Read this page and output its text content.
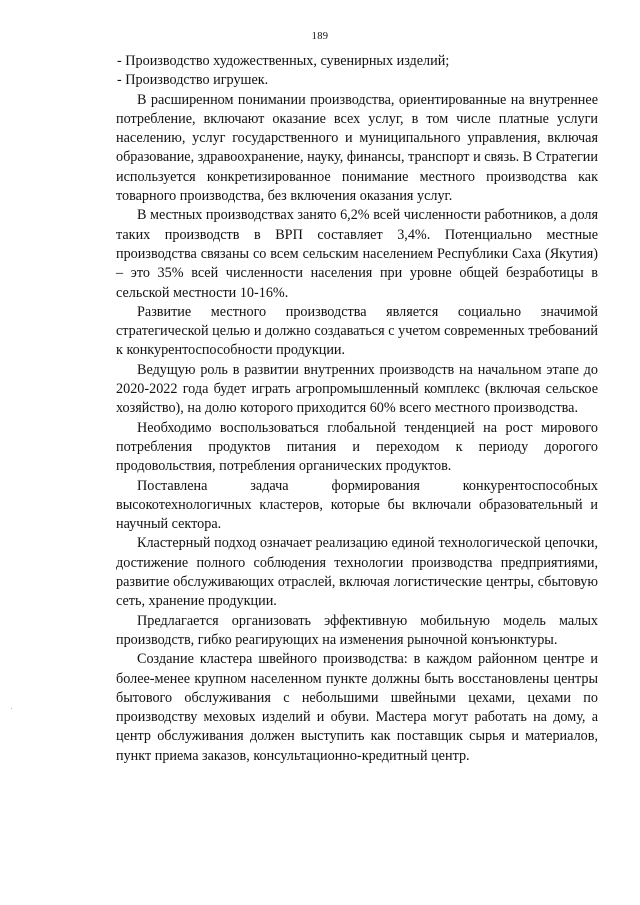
189

- Производство художественных, сувенирных изделий;

- Производство игрушек.

В расширенном понимании производства, ориентированные на внутреннее потребление, включают оказание всех услуг, в том числе платные услуги населению, услуг государственного и муниципального управления, включая образование, здравоохранение, науку, финансы, транспорт и связь. В Стратегии используется конкретизированное понимание местного производства как товарного производства, без включения оказания услуг.

В местных производствах занято 6,2% всей численности работников, а доля таких производств в ВРП составляет 3,4%. Потенциально местные производства связаны со всем сельским населением Республики Саха (Якутия) – это 35% всей численности населения при уровне общей безработицы в сельской местности 10-16%.

Развитие местного производства является социально значимой стратегической целью и должно создаваться с учетом современных требований к конкурентоспособности продукции.

Ведущую роль в развитии внутренних производств на начальном этапе до 2020-2022 года будет играть агропромышленный комплекс (включая сельское хозяйство), на долю которого приходится 60% всего местного производства.

Необходимо воспользоваться глобальной тенденцией на рост мирового потребления продуктов питания и переходом к периоду дорогого продовольствия, потребления органических продуктов.

Поставлена задача формирования конкурентоспособных высокотехнологичных кластеров, которые бы включали образовательный и научный сектора.

Кластерный подход означает реализацию единой технологической цепочки, достижение полного соблюдения технологии производства предприятиями, развитие обслуживающих отраслей, включая логистические центры, сбытовую сеть, хранение продукции.

Предлагается организовать эффективную мобильную модель малых производств, гибко реагирующих на изменения рыночной конъюнктуры.

Создание кластера швейного производства: в каждом районном центре и более-менее крупном населенном пункте должны быть восстановлены центры бытового обслуживания с небольшими швейными цехами, цехами по производству меховых изделий и обуви. Мастера могут работать на дому, а центр обслуживания должен выступить как поставщик сырья и материалов, пункт приема заказов, консультационно-кредитный центр.
